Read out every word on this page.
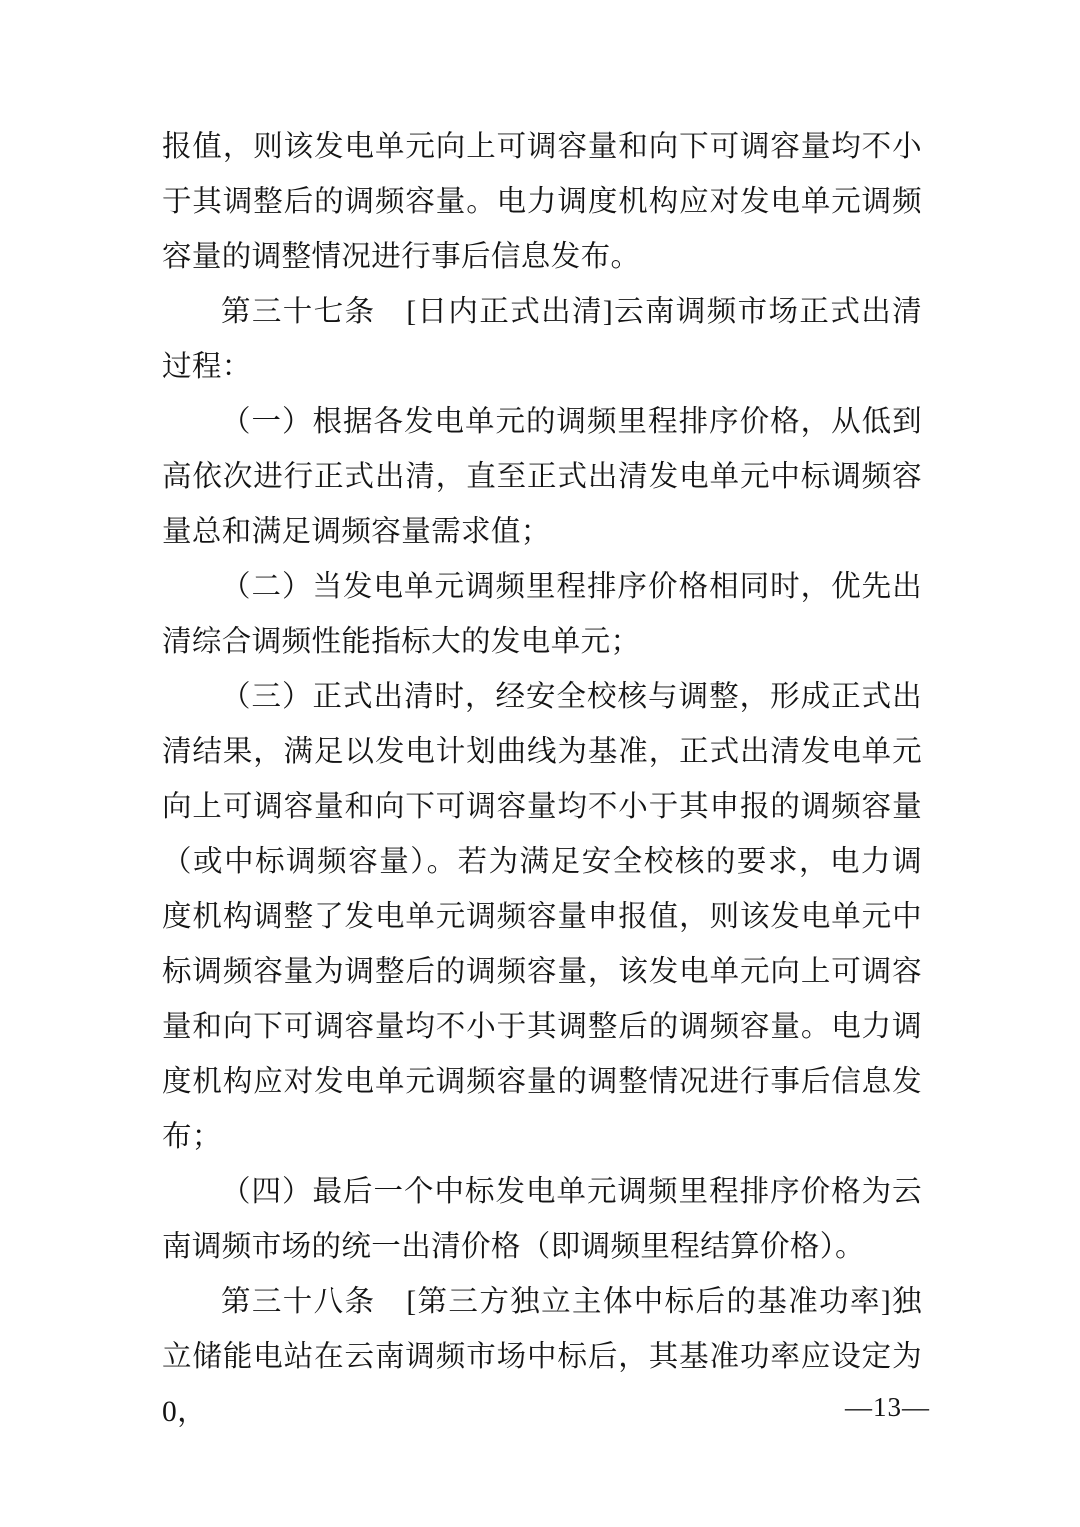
报值，则该发电单元向上可调容量和向下可调容量均不小于其调整后的调频容量。电力调度机构应对发电单元调频容量的调整情况进行事后信息发布。

第三十七条　[日内正式出清]云南调频市场正式出清过程：

（一）根据各发电单元的调频里程排序价格，从低到高依次进行正式出清，直至正式出清发电单元中标调频容量总和满足调频容量需求值；

（二）当发电单元调频里程排序价格相同时，优先出清综合调频性能指标大的发电单元；

（三）正式出清时，经安全校核与调整，形成正式出清结果，满足以发电计划曲线为基准，正式出清发电单元向上可调容量和向下可调容量均不小于其申报的调频容量（或中标调频容量）。若为满足安全校核的要求，电力调度机构调整了发电单元调频容量申报值，则该发电单元中标调频容量为调整后的调频容量，该发电单元向上可调容量和向下可调容量均不小于其调整后的调频容量。电力调度机构应对发电单元调频容量的调整情况进行事后信息发布；

（四）最后一个中标发电单元调频里程排序价格为云南调频市场的统一出清价格（即调频里程结算价格）。

第三十八条　[第三方独立主体中标后的基准功率]独立储能电站在云南调频市场中标后，其基准功率应设定为 0，	—13—
